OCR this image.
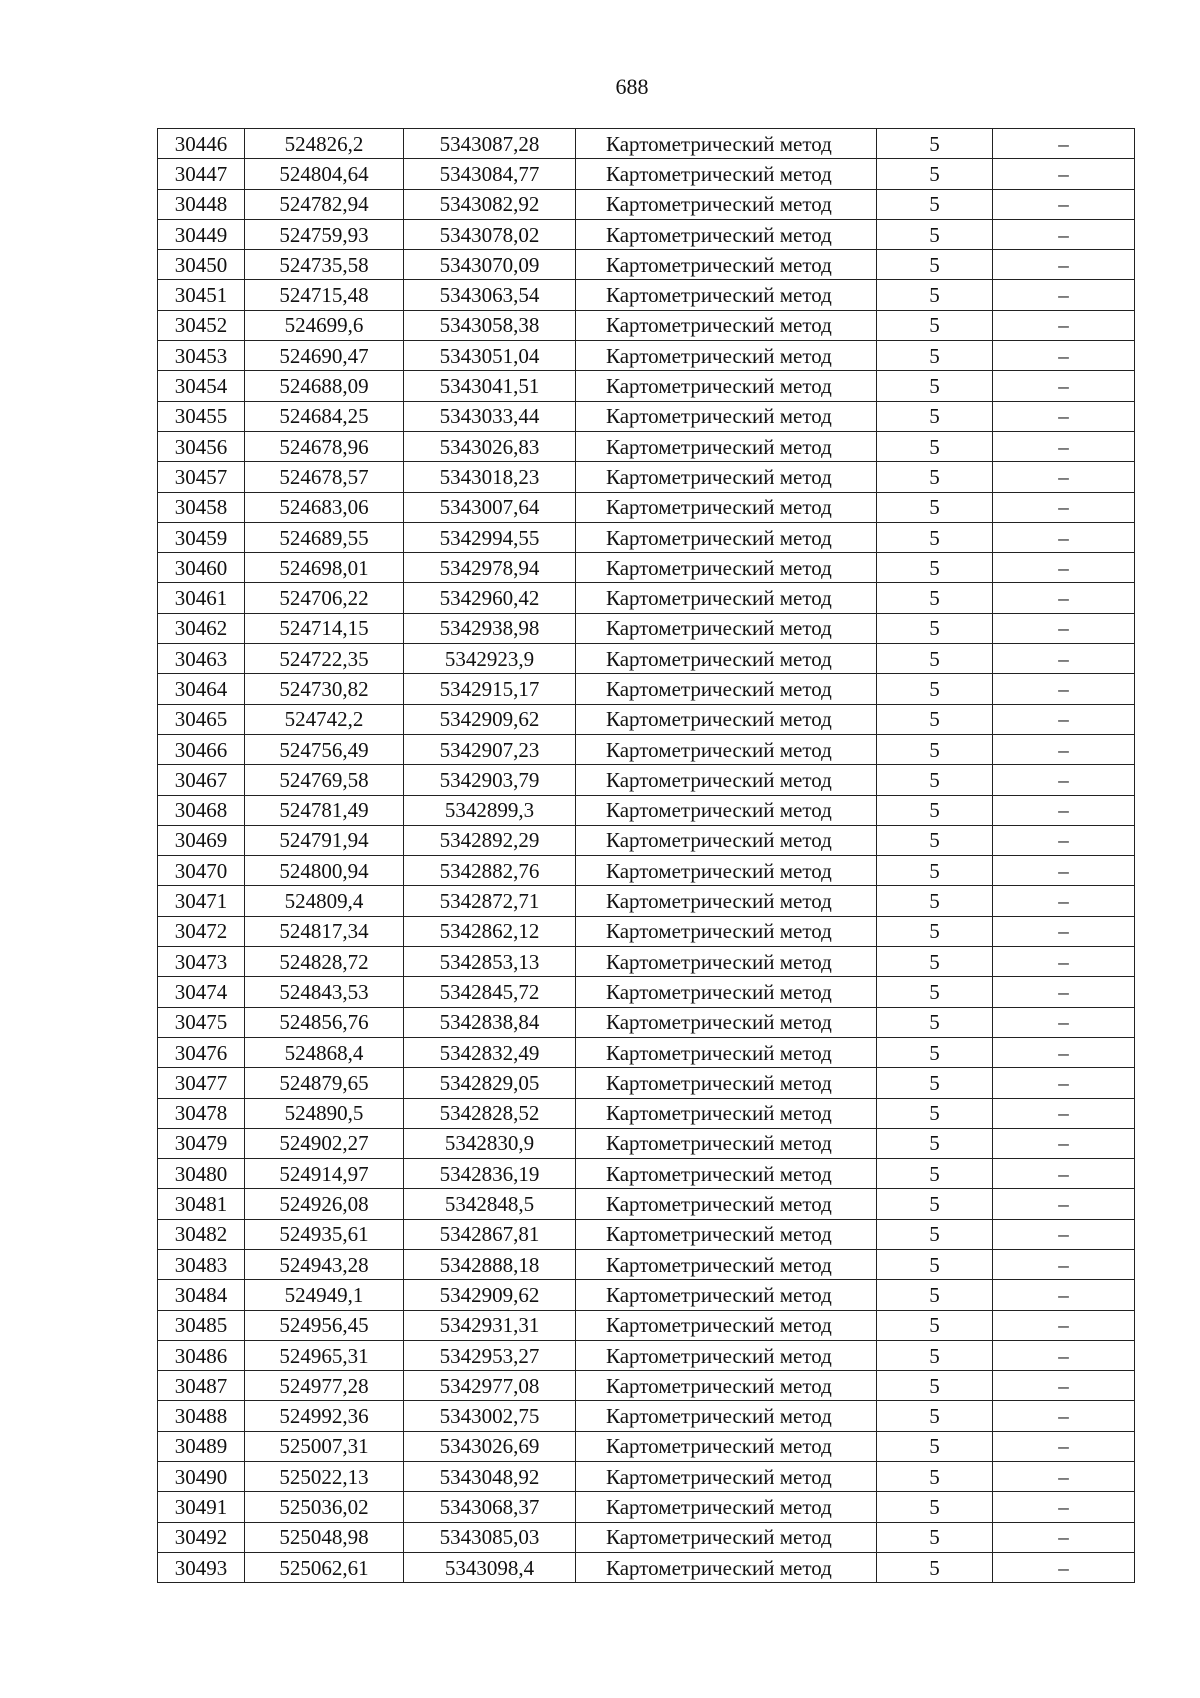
688
30446	524826,2	5343087,28	Картометрический метод	5	–
30447	524804,64	5343084,77	Картометрический метод	5	–
30448	524782,94	5343082,92	Картометрический метод	5	–
30449	524759,93	5343078,02	Картометрический метод	5	–
30450	524735,58	5343070,09	Картометрический метод	5	–
30451	524715,48	5343063,54	Картометрический метод	5	–
30452	524699,6	5343058,38	Картометрический метод	5	–
30453	524690,47	5343051,04	Картометрический метод	5	–
30454	524688,09	5343041,51	Картометрический метод	5	–
30455	524684,25	5343033,44	Картометрический метод	5	–
30456	524678,96	5343026,83	Картометрический метод	5	–
30457	524678,57	5343018,23	Картометрический метод	5	–
30458	524683,06	5343007,64	Картометрический метод	5	–
30459	524689,55	5342994,55	Картометрический метод	5	–
30460	524698,01	5342978,94	Картометрический метод	5	–
30461	524706,22	5342960,42	Картометрический метод	5	–
30462	524714,15	5342938,98	Картометрический метод	5	–
30463	524722,35	5342923,9	Картометрический метод	5	–
30464	524730,82	5342915,17	Картометрический метод	5	–
30465	524742,2	5342909,62	Картометрический метод	5	–
30466	524756,49	5342907,23	Картометрический метод	5	–
30467	524769,58	5342903,79	Картометрический метод	5	–
30468	524781,49	5342899,3	Картометрический метод	5	–
30469	524791,94	5342892,29	Картометрический метод	5	–
30470	524800,94	5342882,76	Картометрический метод	5	–
30471	524809,4	5342872,71	Картометрический метод	5	–
30472	524817,34	5342862,12	Картометрический метод	5	–
30473	524828,72	5342853,13	Картометрический метод	5	–
30474	524843,53	5342845,72	Картометрический метод	5	–
30475	524856,76	5342838,84	Картометрический метод	5	–
30476	524868,4	5342832,49	Картометрический метод	5	–
30477	524879,65	5342829,05	Картометрический метод	5	–
30478	524890,5	5342828,52	Картометрический метод	5	–
30479	524902,27	5342830,9	Картометрический метод	5	–
30480	524914,97	5342836,19	Картометрический метод	5	–
30481	524926,08	5342848,5	Картометрический метод	5	–
30482	524935,61	5342867,81	Картометрический метод	5	–
30483	524943,28	5342888,18	Картометрический метод	5	–
30484	524949,1	5342909,62	Картометрический метод	5	–
30485	524956,45	5342931,31	Картометрический метод	5	–
30486	524965,31	5342953,27	Картометрический метод	5	–
30487	524977,28	5342977,08	Картометрический метод	5	–
30488	524992,36	5343002,75	Картометрический метод	5	–
30489	525007,31	5343026,69	Картометрический метод	5	–
30490	525022,13	5343048,92	Картометрический метод	5	–
30491	525036,02	5343068,37	Картометрический метод	5	–
30492	525048,98	5343085,03	Картометрический метод	5	–
30493	525062,61	5343098,4	Картометрический метод	5	–
